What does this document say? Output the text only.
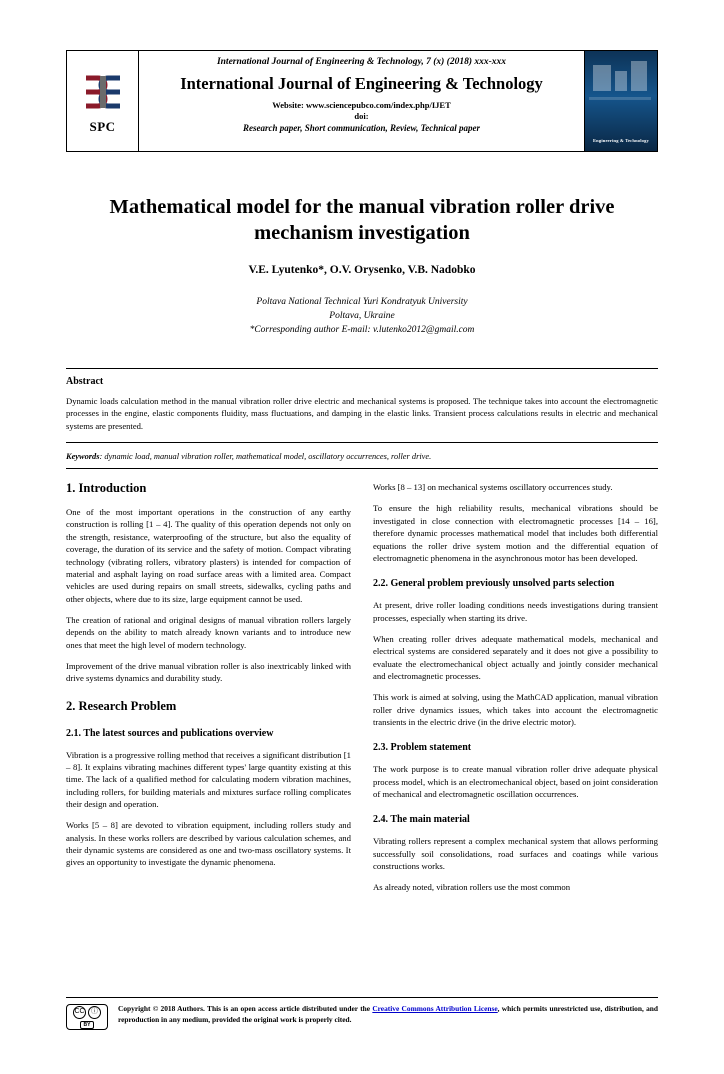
SPC
International Journal of Engineering & Technology, 7 (x) (2018) xxx-xxx
International Journal of Engineering & Technology
Website: www.sciencepubco.com/index.php/IJET
doi:
Research paper, Short communication, Review, Technical paper
Engineering & Technology
Mathematical model for the manual vibration roller drive mechanism investigation
V.E. Lyutenko*, O.V. Orysenko, V.B. Nadobko
Poltava National Technical Yuri Kondratyuk University
Poltava, Ukraine
*Corresponding author E-mail: v.lutenko2012@gmail.com
Abstract
Dynamic loads calculation method in the manual vibration roller drive electric and mechanical systems is proposed. The technique takes into account the electromagnetic processes in the engine, elastic components fluidity, mass fluctuations, and damping in the elastic links. Transient process calculations results in electric and mechanical systems are presented.
Keywords: dynamic load, manual vibration roller, mathematical model, oscillatory occurrences, roller drive.
1. Introduction

One of the most important operations in the construction of any earthy construction is rolling [1 – 4]. The quality of this operation depends not only on the strength, resistance, waterproofing of the structure, but also the equality of coverage, the duration of its service and the safety of motion. Compact vibrating technology (vibrating rollers, vibratory plasters) is intended for compaction of material and asphalt laying on road surface areas with a limited area. Compact vehicles are used during repairs on small streets, sidewalks, cycling paths and other objects, where due to its size, large equipment cannot be used.

The creation of rational and original designs of manual vibration rollers largely depends on the ability to match already known variants and to introduce new ones that meet the high level of modern technology.

Improvement of the drive manual vibration roller is also inextricably linked with drive systems dynamics and durability study.

2. Research Problem
2.1. The latest sources and publications overview

Vibration is a progressive rolling method that receives a significant distribution [1 – 8]. It explains vibrating machines different types' large quantity existing at this time. The lack of a qualified method for calculating modern vibration machines, including rollers, for building materials and mixtures surface rolling complicates their design and operation.

Works [5 – 8] are devoted to vibration equipment, including rollers study and analysis. In these works rollers are described by various calculation schemes, and their dynamic systems are considered as one and two-mass oscillatory systems. It gives an opportunity to investigate the dynamic phenomena.

Works [8 – 13] on mechanical systems oscillatory occurrences study.

To ensure the high reliability results, mechanical vibrations should be investigated in close connection with electromagnetic processes [14 – 16], therefore dynamic processes mathematical model that includes both differential equations the roller drive system motion and the differential equation of electromagnetic phenomena in the asynchronous motor has been developed.

2.2. General problem previously unsolved parts selection

At present, drive roller loading conditions needs investigations during transient processes, especially when starting its drive.

When creating roller drives adequate mathematical models, mechanical and electrical systems are considered separately and it does not give a possibility to evaluate the electromechanical object actually and jointly consider mechanical and electromagnetic processes.

This work is aimed at solving, using the MathCAD application, manual vibration roller drive dynamics issues, which takes into account the electromagnetic transients in the electric drive (in the drive electric motor).

2.3. Problem statement

The work purpose is to create manual vibration roller drive adequate physical process model, which is an electromechanical object, based on joint consideration of mechanical and electromagnetic oscillation occurrences.

2.4. The main material

Vibrating rollers represent a complex mechanical system that allows performing successfully soil consolidations, road surfaces and coatings while various constructions works.

As already noted, vibration rollers use the most common

CC ⓘ
BY
Copyright © 2018 Authors. This is an open access article distributed under the Creative Commons Attribution License, which permits unrestricted use, distribution, and reproduction in any medium, provided the original work is properly cited.
